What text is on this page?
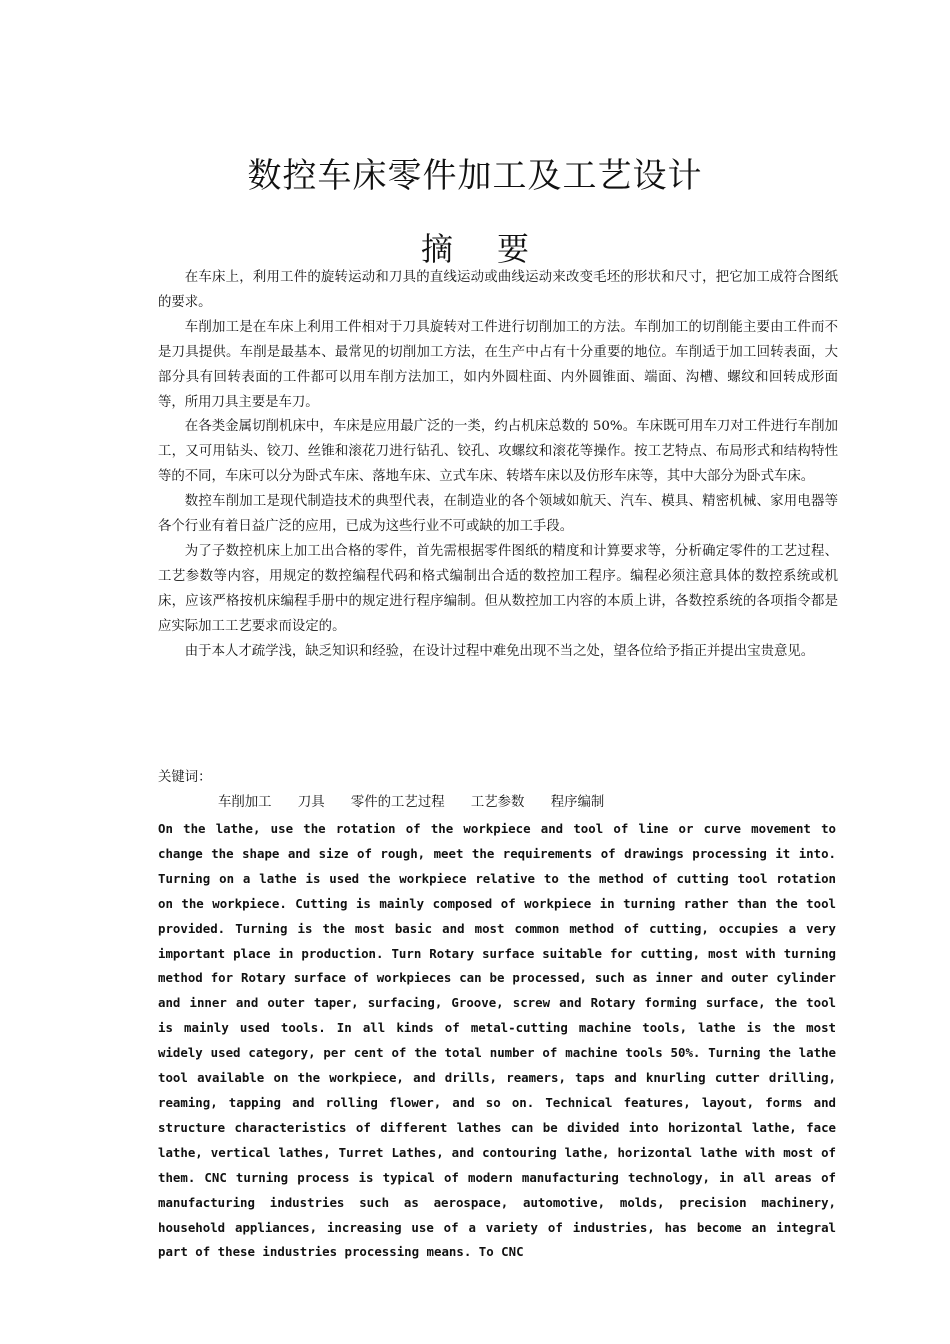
数控车床零件加工及工艺设计
摘 要

在车床上，利用工件的旋转运动和刀具的直线运动或曲线运动来改变毛坯的形状和尺寸，把它加工成符合图纸的要求。

车削加工是在车床上利用工件相对于刀具旋转对工件进行切削加工的方法。车削加工的切削能主要由工件而不是刀具提供。车削是最基本、最常见的切削加工方法，在生产中占有十分重要的地位。车削适于加工回转表面，大部分具有回转表面的工件都可以用车削方法加工，如内外圆柱面、内外圆锥面、端面、沟槽、螺纹和回转成形面等，所用刀具主要是车刀。

在各类金属切削机床中，车床是应用最广泛的一类，约占机床总数的 50%。车床既可用车刀对工件进行车削加工，又可用钻头、铰刀、丝锥和滚花刀进行钻孔、铰孔、攻螺纹和滚花等操作。按工艺特点、布局形式和结构特性等的不同，车床可以分为卧式车床、落地车床、立式车床、转塔车床以及仿形车床等，其中大部分为卧式车床。

数控车削加工是现代制造技术的典型代表，在制造业的各个领域如航天、汽车、模具、精密机械、家用电器等各个行业有着日益广泛的应用，已成为这些行业不可或缺的加工手段。

为了子数控机床上加工出合格的零件，首先需根据零件图纸的精度和计算要求等，分析确定零件的工艺过程、工艺参数等内容，用规定的数控编程代码和格式编制出合适的数控加工程序。编程必须注意具体的数控系统或机床，应该严格按机床编程手册中的规定进行程序编制。但从数控加工内容的本质上讲，各数控系统的各项指令都是应实际加工工艺要求而设定的。

由于本人才疏学浅，缺乏知识和经验，在设计过程中难免出现不当之处，望各位给予指正并提出宝贵意见。

关键词：
车削加工 刀具 零件的工艺过程 工艺参数 程序编制

On the lathe, use the rotation of the workpiece and tool of line or curve movement to change the shape and size of rough, meet the requirements of drawings processing it into. Turning on a lathe is used the workpiece relative to the method of cutting tool rotation on the workpiece. Cutting is mainly composed of workpiece in turning rather than the tool provided. Turning is the most basic and most common method of cutting, occupies a very important place in production. Turn Rotary surface suitable for cutting, most with turning method for Rotary surface of workpieces can be processed, such as inner and outer cylinder and inner and outer taper, surfacing, Groove, screw and Rotary forming surface, the tool is mainly used tools. In all kinds of metal-cutting machine tools, lathe is the most widely used category, per cent of the total number of machine tools 50%. Turning the lathe tool available on the workpiece, and drills, reamers, taps and knurling cutter drilling, reaming, tapping and rolling flower, and so on. Technical features, layout, forms and structure characteristics of different lathes can be divided into horizontal lathe, face lathe, vertical lathes, Turret Lathes, and contouring lathe, horizontal lathe with most of them. CNC turning process is typical of modern manufacturing technology, in all areas of manufacturing industries such as aerospace, automotive, molds, precision machinery, household appliances, increasing use of a variety of industries, has become an integral part of these industries processing means. To CNC
